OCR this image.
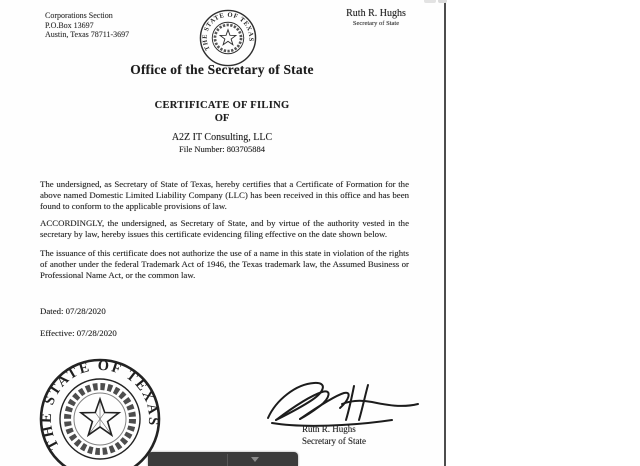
Corporations Section
P.O.Box 13697
Austin, Texas 78711-3697
Ruth R. Hughs
Secretary of State
THE STATE OF TEXAS
Office of the Secretary of State
CERTIFICATE OF FILING
OF
A2Z IT Consulting, LLC
File Number: 803705884

The undersigned, as Secretary of State of Texas, hereby certifies that a Certificate of Formation for the above named Domestic Limited Liability Company (LLC) has been received in this office and has been found to conform to the applicable provisions of law.

ACCORDINGLY, the undersigned, as Secretary of State, and by virtue of the authority vested in the secretary by law, hereby issues this certificate evidencing filing effective on the date shown below.

The issuance of this certificate does not authorize the use of a name in this state in violation of the rights of another under the federal Trademark Act of 1946, the Texas trademark law, the Assumed Business or Professional Name Act, or the common law.

Dated: 07/28/2020
Effective: 07/28/2020
THE STATE OF TEXAS
Ruth R. Hughs
Secretary of State
